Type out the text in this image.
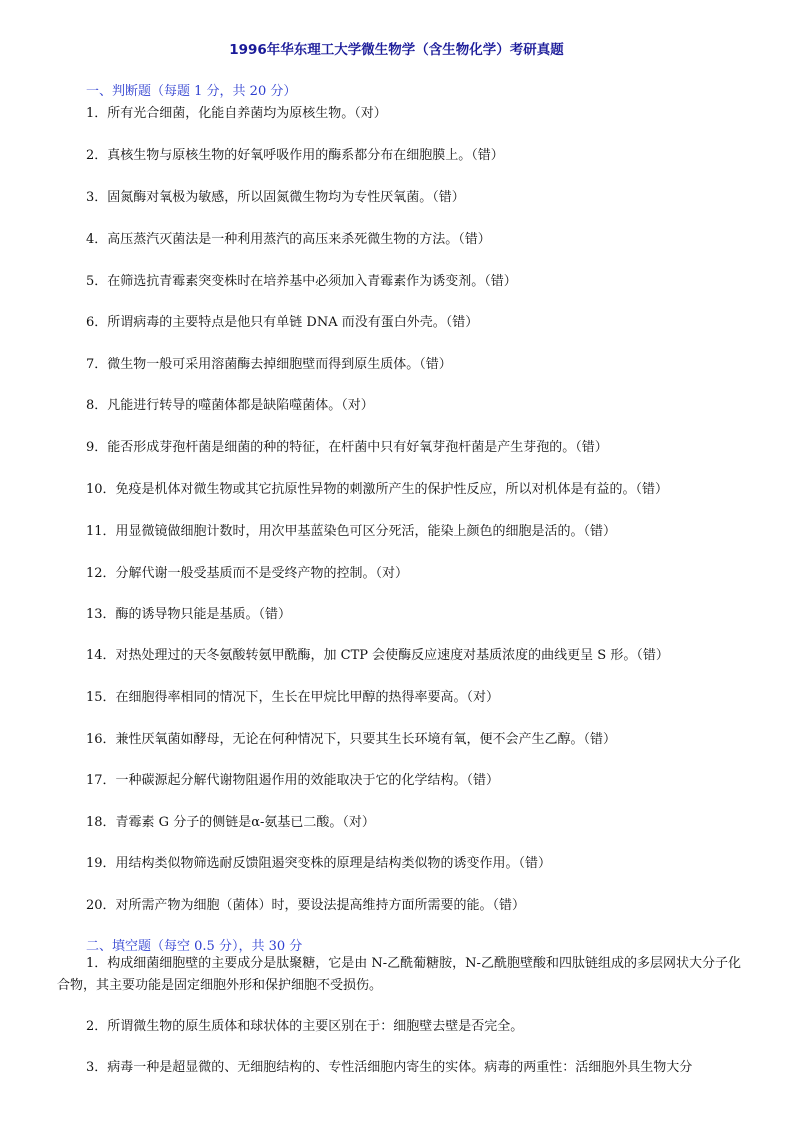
1996年华东理工大学微生物学（含生物化学）考研真题
一、判断题（每题 1 分，共 20 分）
1．所有光合细菌，化能自养菌均为原核生物。（对）
2．真核生物与原核生物的好氧呼吸作用的酶系都分布在细胞膜上。（错）
3．固氮酶对氧极为敏感，所以固氮微生物均为专性厌氧菌。（错）
4．高压蒸汽灭菌法是一种利用蒸汽的高压来杀死微生物的方法。（错）
5．在筛选抗青霉素突变株时在培养基中必须加入青霉素作为诱变剂。（错）
6．所谓病毒的主要特点是他只有单链 DNA 而没有蛋白外壳。（错）
7．微生物一般可采用溶菌酶去掉细胞壁而得到原生质体。（错）
8．凡能进行转导的噬菌体都是缺陷噬菌体。（对）
9．能否形成芽孢杆菌是细菌的种的特征，在杆菌中只有好氧芽孢杆菌是产生芽孢的。（错）
10．免疫是机体对微生物或其它抗原性异物的刺激所产生的保护性反应，所以对机体是有益的。（错）
11．用显微镜做细胞计数时，用次甲基蓝染色可区分死活，能染上颜色的细胞是活的。（错）
12．分解代谢一般受基质而不是受终产物的控制。（对）
13．酶的诱导物只能是基质。（错）
14．对热处理过的天冬氨酸转氨甲酰酶，加 CTP 会使酶反应速度对基质浓度的曲线更呈 S 形。（错）
15．在细胞得率相同的情况下，生长在甲烷比甲醇的热得率要高。（对）
16．兼性厌氧菌如酵母，无论在何种情况下，只要其生长环境有氧，便不会产生乙醇。（错）
17．一种碳源起分解代谢物阻遏作用的效能取决于它的化学结构。（错）
18．青霉素 G 分子的侧链是α-氨基已二酸。（对）
19．用结构类似物筛选耐反馈阻遏突变株的原理是结构类似物的诱变作用。（错）
20．对所需产物为细胞（菌体）时，要设法提高维持方面所需要的能。（错）
二、填空题（每空 0.5 分），共 30 分
1．构成细菌细胞壁的主要成分是肽聚糖，它是由 N-乙酰葡糖胺，N-乙酰胞壁酸和四肽链组成的多层网状大分子化合物，其主要功能是固定细胞外形和保护细胞不受损伤。
2．所谓微生物的原生质体和球状体的主要区别在于：细胞壁去壁是否完全。
3．病毒一种是超显微的、无细胞结构的、专性活细胞内寄生的实体。病毒的两重性：活细胞外具生物大分
